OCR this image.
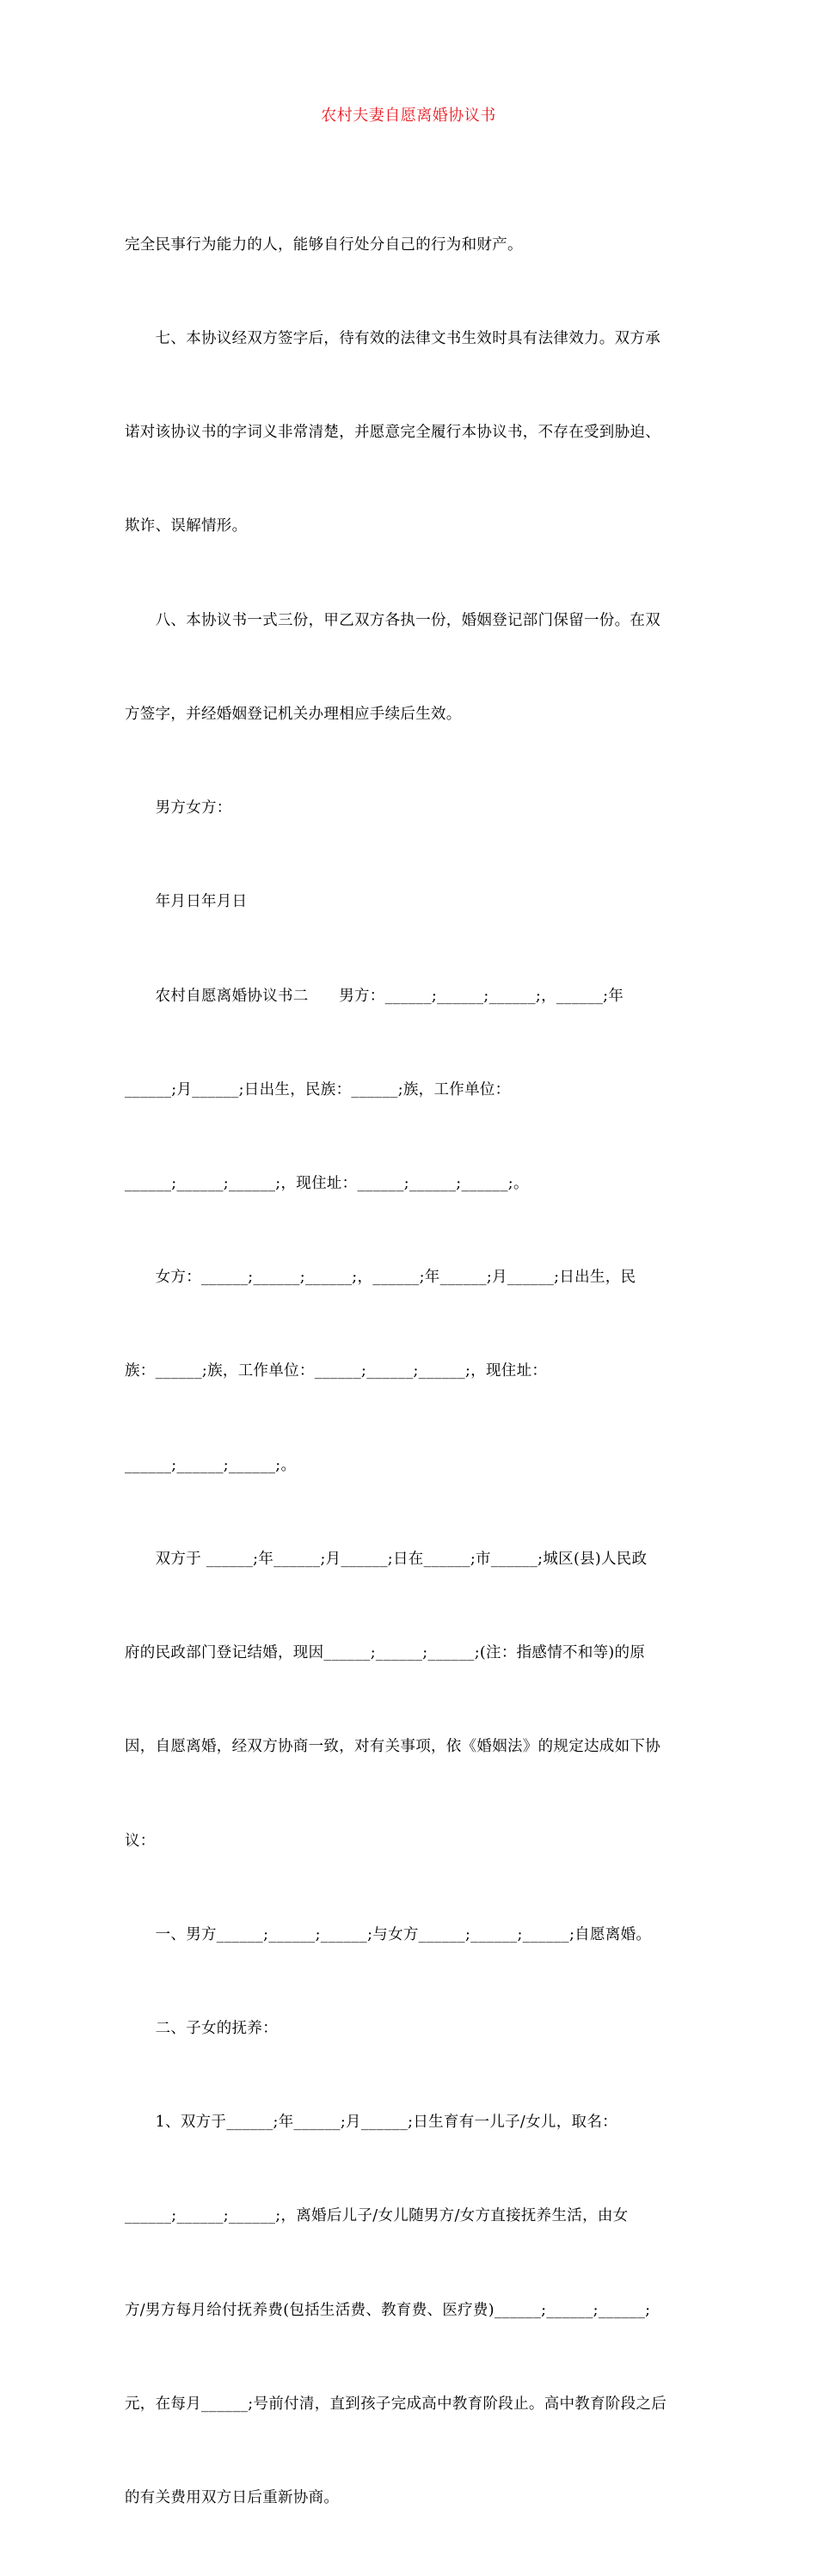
农村夫妻自愿离婚协议书

完全民事行为能力的人，能够自行处分自己的行为和财产。

　　七、本协议经双方签字后，待有效的法律文书生效时具有法律效力。双方承

诺对该协议书的字词义非常清楚，并愿意完全履行本协议书，不存在受到胁迫、

欺诈、误解情形。

　　八、本协议书一式三份，甲乙双方各执一份，婚姻登记部门保留一份。在双

方签字，并经婚姻登记机关办理相应手续后生效。

　　男方女方：

　　年月日年月日

　　农村自愿离婚协议书二　　男方：______;______;______;，______;年

______;月______;日出生，民族：______;族，工作单位：

______;______;______;，现住址：______;______;______;。

　　女方：______;______;______;，______;年______;月______;日出生，民

族：______;族，工作单位：______;______;______;，现住址：

______;______;______;。

　　双方于 ______;年______;月______;日在______;市______;城区(县)人民政

府的民政部门登记结婚，现因______;______;______;(注：指感情不和等)的原

因，自愿离婚，经双方协商一致，对有关事项，依《婚姻法》的规定达成如下协

议：

　　一、男方______;______;______;与女方______;______;______;自愿离婚。

　　二、子女的抚养：

　　1、双方于______;年______;月______;日生育有一儿子/女儿，取名：

______;______;______;，离婚后儿子/女儿随男方/女方直接抚养生活，由女

方/男方每月给付抚养费(包括生活费、教育费、医疗费)______;______;______;

元，在每月______;号前付清，直到孩子完成高中教育阶段止。高中教育阶段之后

的有关费用双方日后重新协商。
